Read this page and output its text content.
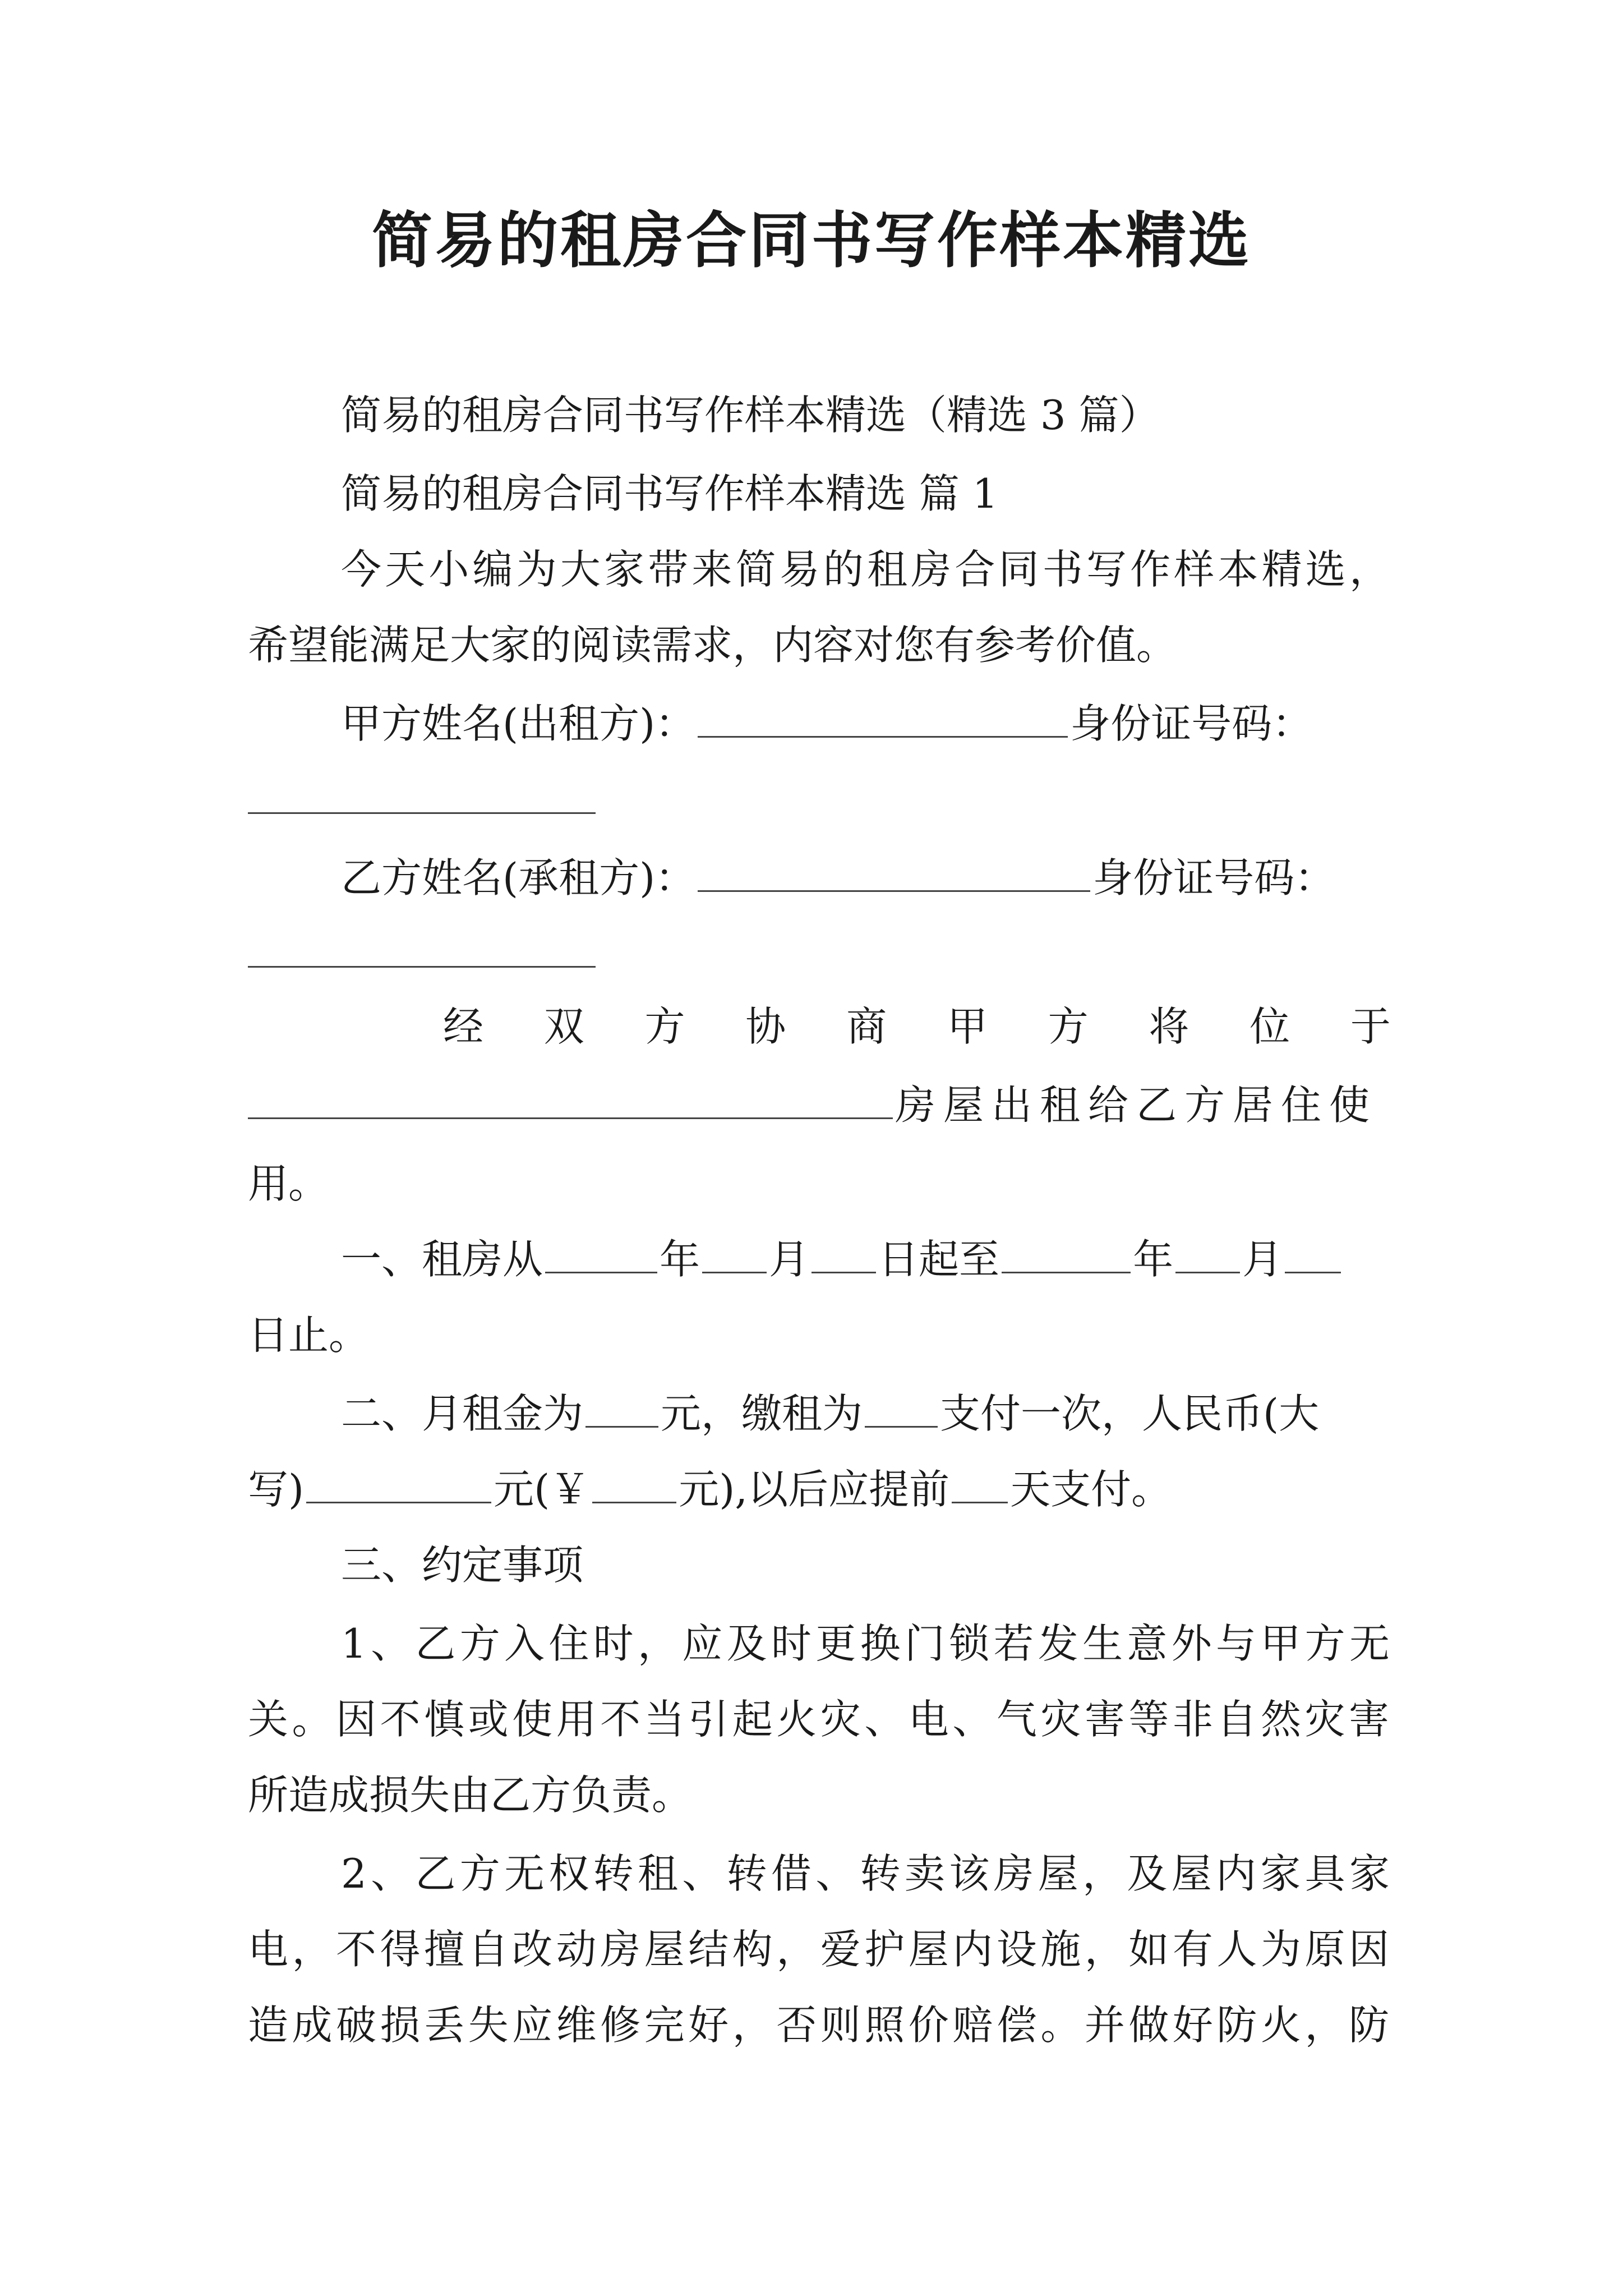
简易的租房合同书写作样本精选
简易的租房合同书写作样本精选（精选 3 篇）
简易的租房合同书写作样本精选 篇 1
今天小编为大家带来简易的租房合同书写作样本精选，
希望能满足大家的阅读需求，内容对您有参考价值。
甲方姓名(出租方)：	身份证号码：
乙方姓名(承租方)：	身份证号码：
经 双 方 协 商 甲 方 将 位 于
房屋出租给乙方居住使
用。
一、租房从	年 月 日起至	年 月
日止。
二、月租金为 元，缴租为 支付一次，人民币(大
写)	元(￥ 元),以后应提前 天支付。
三、约定事项
1、乙方入住时，应及时更换门锁若发生意外与甲方无
关。因不慎或使用不当引起火灾、电、气灾害等非自然灾害
所造成损失由乙方负责。
2、乙方无权转租、转借、转卖该房屋，及屋内家具家
电，不得擅自改动房屋结构，爱护屋内设施，如有人为原因
造成破损丢失应维修完好，否则照价赔偿。并做好防火，防
